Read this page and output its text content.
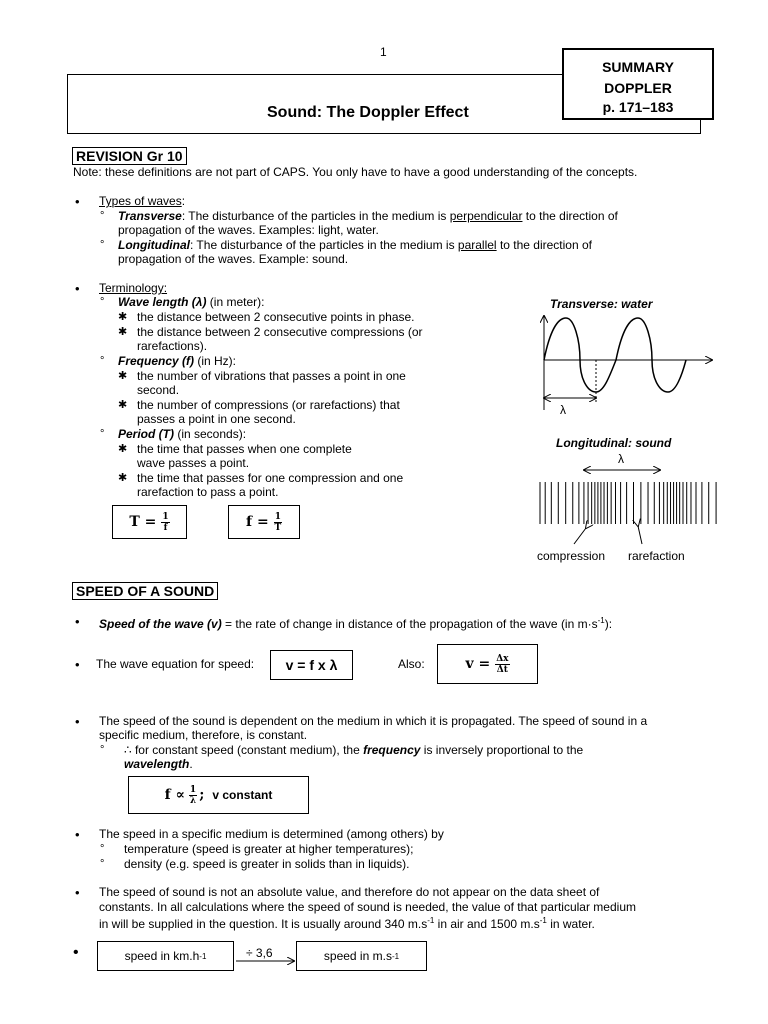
1
Sound: The Doppler Effect
SUMMARY
DOPPLER
p. 171–183
REVISION Gr 10
Note: these definitions are not part of CAPS. You only have to have a good understanding of the concepts.
• Types of waves:
° Transverse: The disturbance of the particles in the medium is perpendicular to the direction of
propagation of the waves. Examples: light, water.
° Longitudinal: The disturbance of the particles in the medium is parallel to the direction of
propagation of the waves. Example: sound.
• Terminology:
° Wave length (λ) (in meter):
✱ the distance between 2 consecutive points in phase.
✱ the distance between 2 consecutive compressions (or
rarefactions).
° Frequency (f) (in Hz):
✱ the number of vibrations that passes a point in one
second.
✱ the number of compressions (or rarefactions) that
passes a point in one second.
° Period (T) (in seconds):
✱ the time that passes when one complete
wave passes a point.
✱ the time that passes for one compression and one
rarefaction to pass a point.
$T = \frac{1}{f}$	$f = \frac{1}{T}$
Transverse: water
λ
Longitudinal: sound
λ
compression rarefaction
SPEED OF A SOUND
• Speed of the wave (v) = the rate of change in distance of the propagation of the wave (in $m\cdot s^{-1}$):
• The wave equation for speed: v = f x λ	Also:	$v = \frac{\Delta x}{\Delta t}$
• The speed of the sound is dependent on the medium in which it is propagated. The speed of sound in a
specific medium, therefore, is constant.
° ∴ for constant speed (constant medium), the frequency is inversely proportional to the
wavelength.
$f \propto \frac{1}{\lambda}$ ; v constant
• The speed in a specific medium is determined (among others) by
° temperature (speed is greater at higher temperatures);
° density (e.g. speed is greater in solids than in liquids).
• The speed of sound is not an absolute value, and therefore do not appear on the data sheet of
constants. In all calculations where the speed of sound is needed, the value of that particular medium
in will be supplied in the question. It is usually around 340 $m.s^{-1}$ in air and 1500 $m.s^{-1}$ in water.
•	speed in km.h -1	÷ 3,6	speed in m.s -1
